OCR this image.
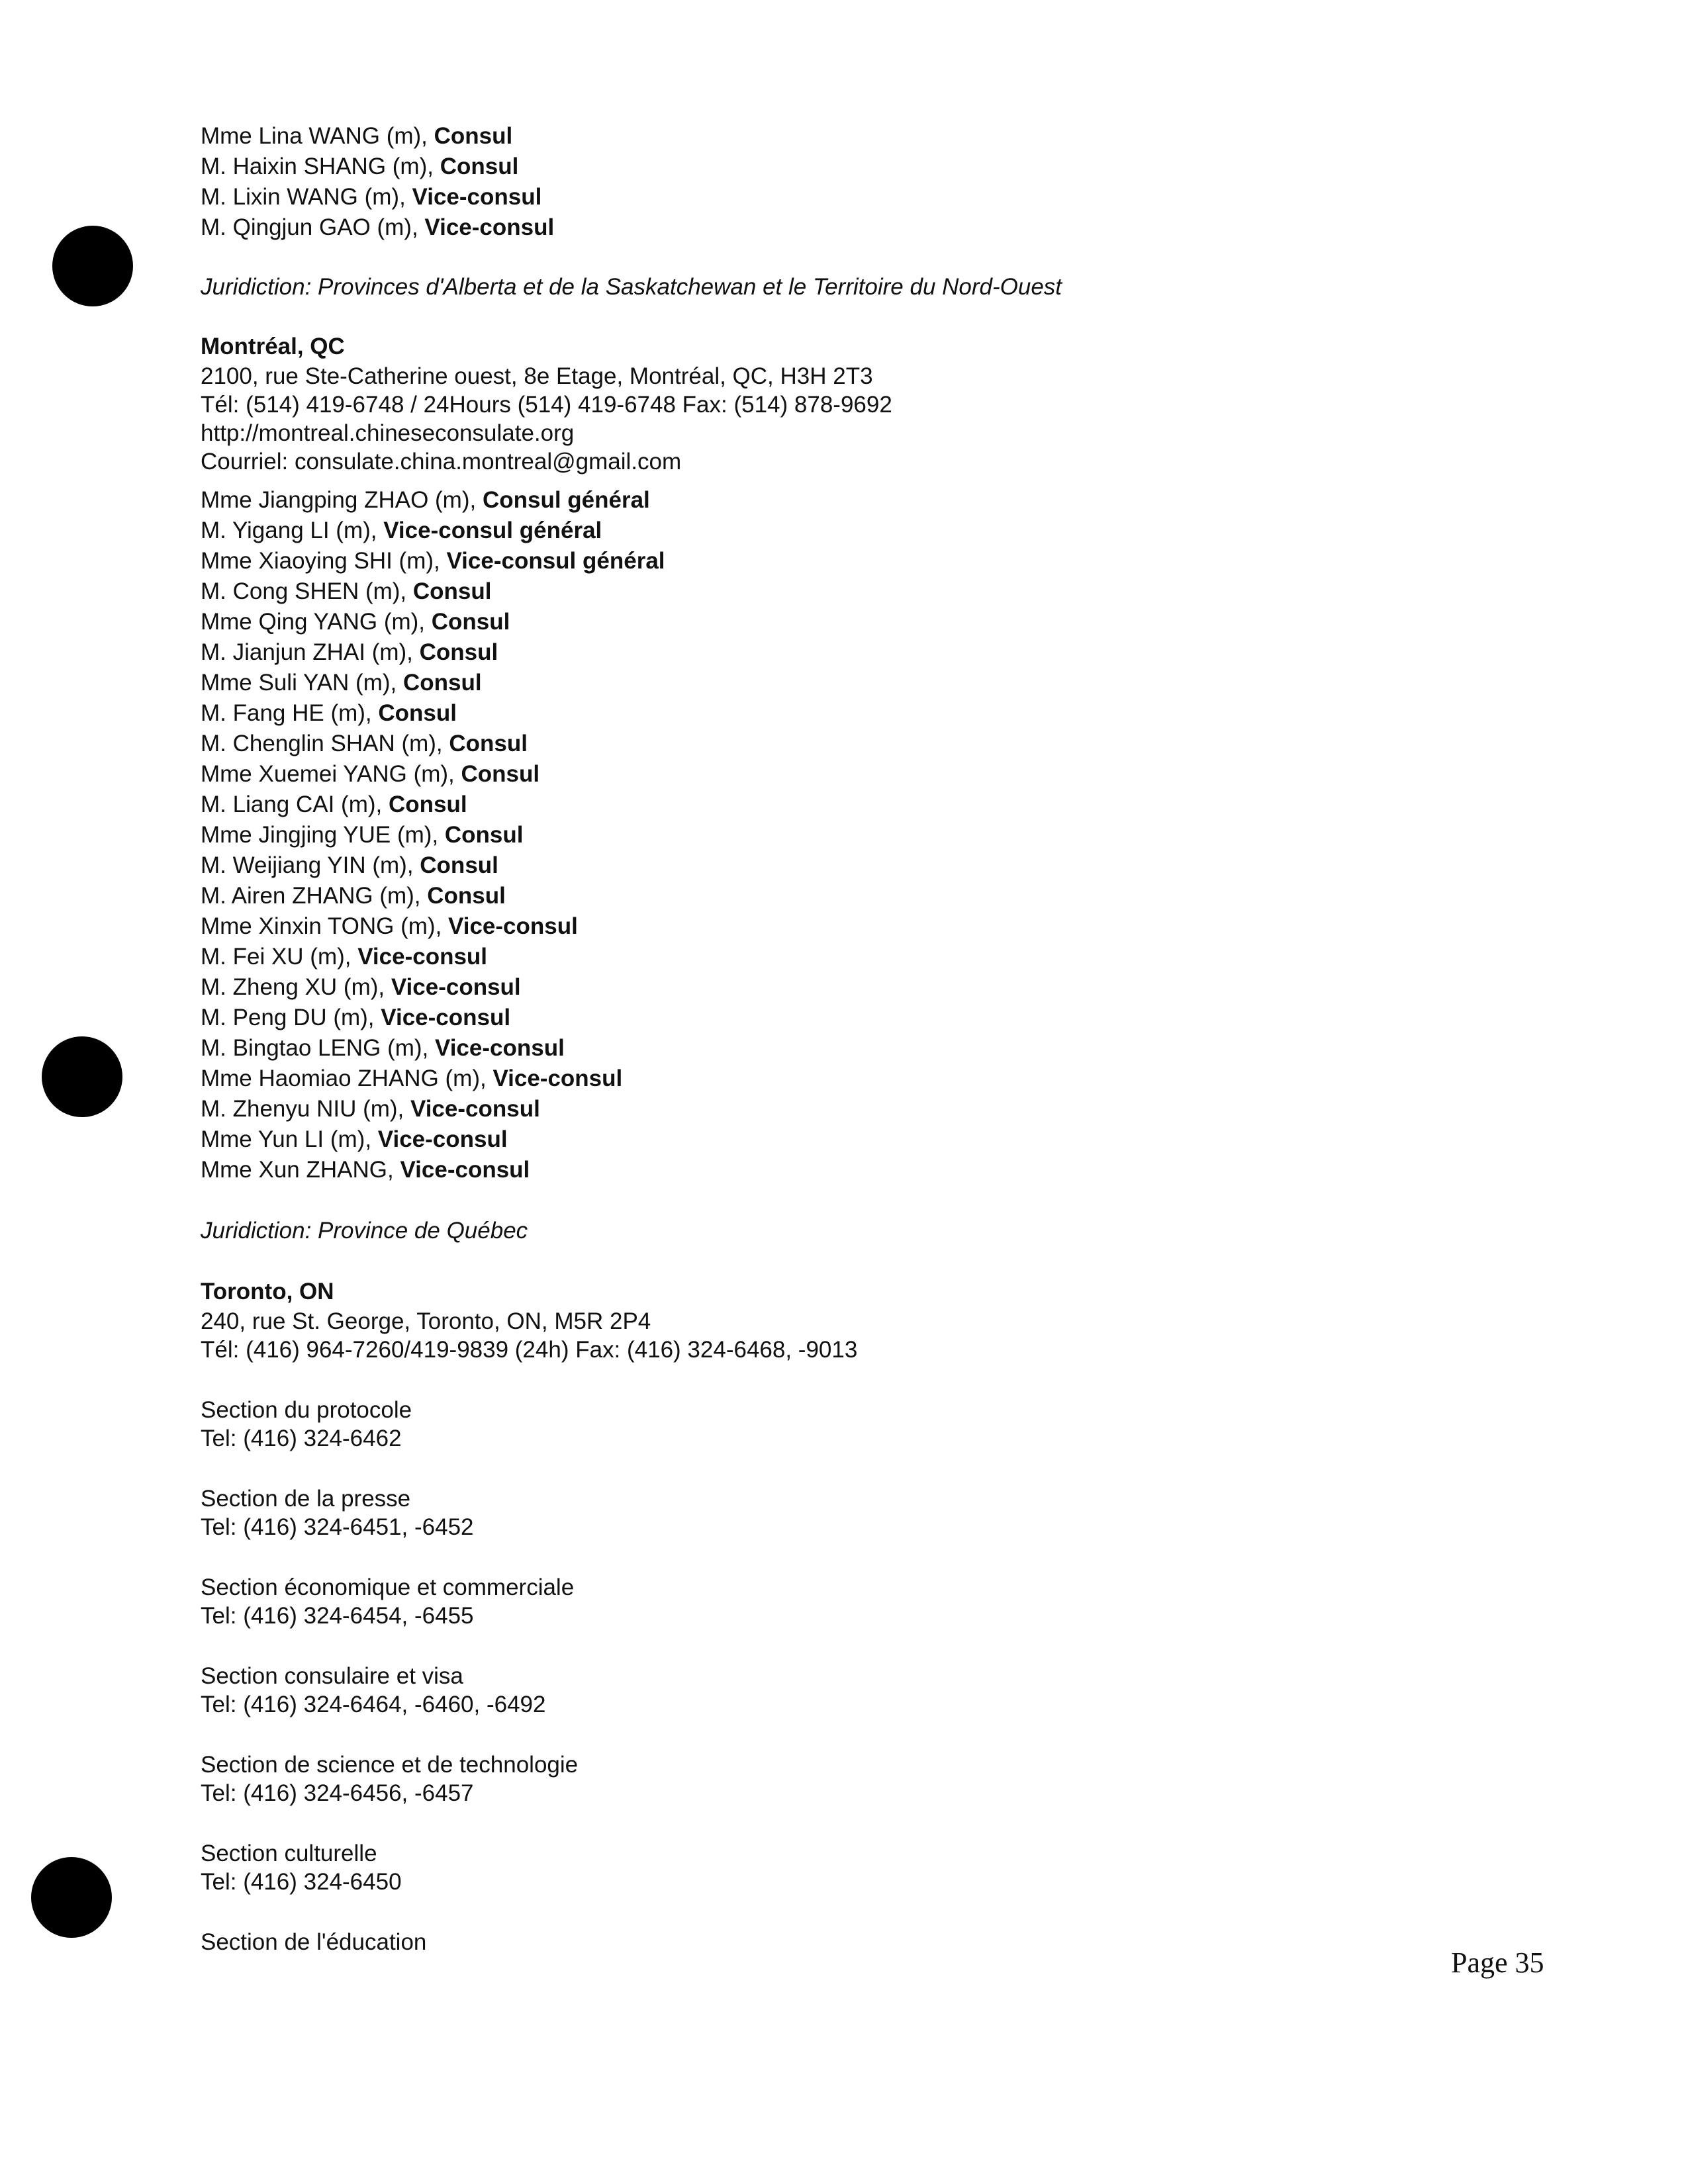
Mme Lina WANG (m), Consul
M. Haixin SHANG (m), Consul
M. Lixin WANG (m), Vice-consul
M. Qingjun GAO (m), Vice-consul
Juridiction: Provinces d'Alberta et de la Saskatchewan et le Territoire du Nord-Ouest
Montréal, QC
2100, rue Ste-Catherine ouest, 8e Etage, Montréal, QC, H3H 2T3
Tél: (514) 419-6748 / 24Hours (514) 419-6748 Fax: (514) 878-9692
http://montreal.chineseconsulate.org
Courriel: consulate.china.montreal@gmail.com
Mme Jiangping ZHAO (m), Consul général
M. Yigang LI (m), Vice-consul général
Mme Xiaoying SHI (m), Vice-consul général
M. Cong SHEN (m), Consul
Mme Qing YANG (m), Consul
M. Jianjun ZHAI (m), Consul
Mme Suli YAN (m), Consul
M. Fang HE (m), Consul
M. Chenglin SHAN (m), Consul
Mme Xuemei YANG (m), Consul
M. Liang CAI (m), Consul
Mme Jingjing YUE (m), Consul
M. Weijiang YIN (m), Consul
M. Airen ZHANG (m), Consul
Mme Xinxin TONG (m), Vice-consul
M. Fei XU (m), Vice-consul
M. Zheng XU (m), Vice-consul
M. Peng DU (m), Vice-consul
M. Bingtao LENG (m), Vice-consul
Mme Haomiao ZHANG (m), Vice-consul
M. Zhenyu NIU (m), Vice-consul
Mme Yun LI (m), Vice-consul
Mme Xun ZHANG, Vice-consul
Juridiction: Province de Québec
Toronto, ON
240, rue St. George, Toronto, ON, M5R 2P4
Tél: (416) 964-7260/419-9839 (24h) Fax: (416) 324-6468, -9013
Section du protocole
Tel: (416) 324-6462
Section de la presse
Tel: (416) 324-6451, -6452
Section économique et commerciale
Tel: (416) 324-6454, -6455
Section consulaire et visa
Tel: (416) 324-6464, -6460, -6492
Section de science et de technologie
Tel: (416) 324-6456, -6457
Section culturelle
Tel: (416) 324-6450
Section de l'éducation
Page 35
